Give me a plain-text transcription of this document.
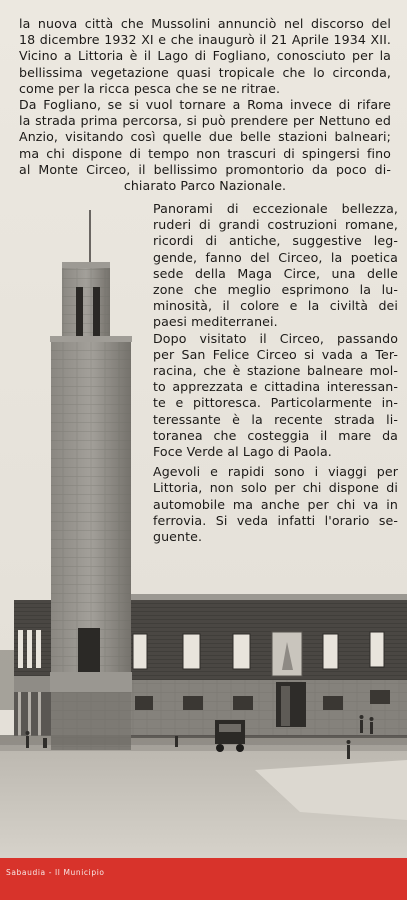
la nuova città che Mussolini annunciò nel discorso del
18 dicembre 1932 XI e che inaugurò il 21 Aprile 1934 XII.
Vicino a Littoria è il Lago di Fogliano, conosciuto per la
bellissima vegetazione quasi tropicale che lo circonda,
come per la ricca pesca che se ne ritrae.

Da Fogliano, se si vuol tornare a Roma invece di rifare
la strada prima percorsa, si può prendere per Nettuno ed
Anzio, visitando così quelle due belle stazioni balneari;
ma chi dispone di tempo non trascuri di spingersi fino
al Monte Circeo, il bellissimo promontorio da poco di-
chiarato Parco Nazionale.

Panorami di eccezionale bellezza,
ruderi di grandi costruzioni romane,
ricordi di antiche, suggestive leg-
gende, fanno del Circeo, la poetica
sede della Maga Circe, una delle
zone che meglio esprimono la lu-
minosità, il colore e la civiltà dei
paesi mediterranei.

Dopo visitato il Circeo, passando
per San Felice Circeo si vada a Ter-
racina, che è stazione balneare mol-
to apprezzata e cittadina interessan-
te e pittoresca. Particolarmente in-
teressante è la recente strada li-
toranea che costeggia il mare da
Foce Verde al Lago di Paola.

Agevoli e rapidi sono i viaggi per
Littoria, non solo per chi dispone di
automobile ma anche per chi va in
ferrovia. Si veda infatti l'orario se-
guente.

Sabaudia - Il Municipio
